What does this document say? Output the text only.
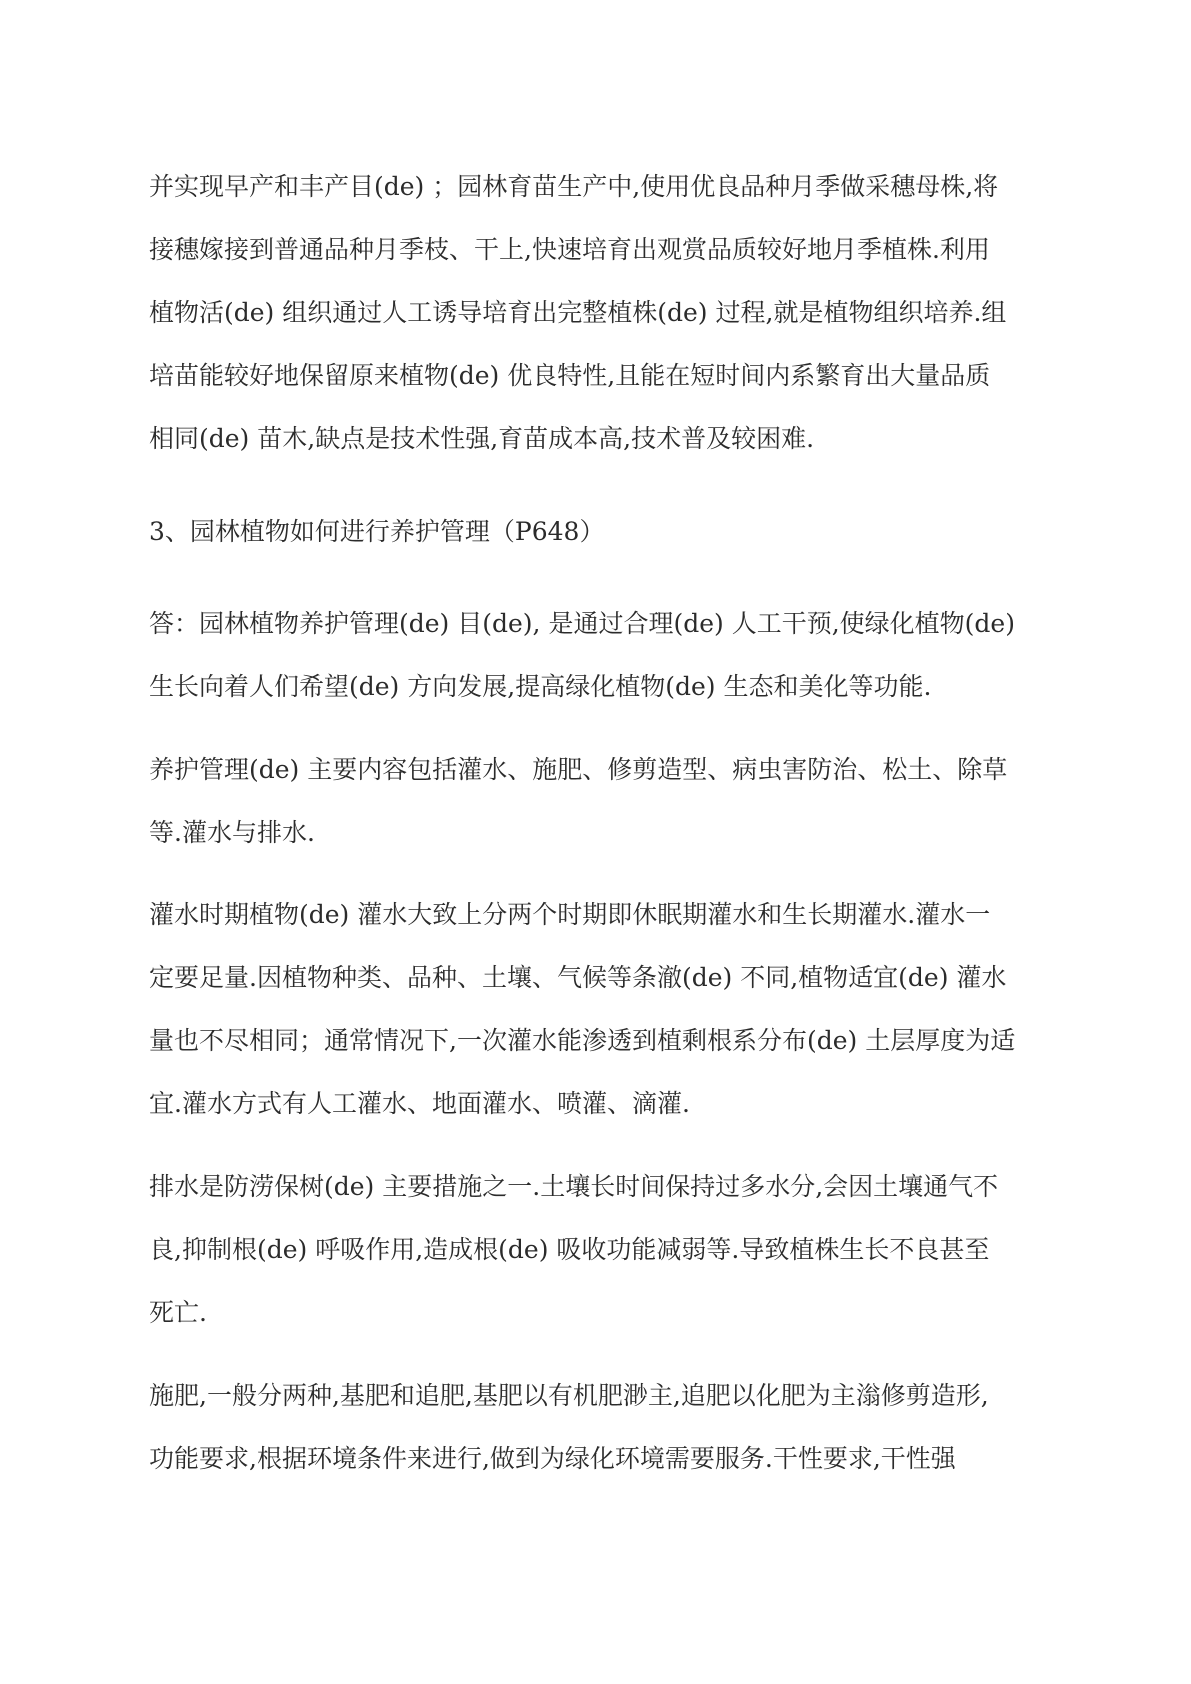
并实现早产和丰产目(de) ；园林育苗生产中,使用优良品种月季做采穗母株,将

接穗嫁接到普通品种月季枝、干上,快速培育出观赏品质较好地月季植株.利用

植物活(de) 组织通过人工诱导培育出完整植株(de) 过程,就是植物组织培养.组

培苗能较好地保留原来植物(de) 优良特性,且能在短时间内系繁育出大量品质

相同(de) 苗木,缺点是技术性强,育苗成本高,技术普及较困难.

3、园林植物如何进行养护管理（P648）

答：园林植物养护管理(de) 目(de), 是通过合理(de) 人工干预,使绿化植物(de)

生长向着人们希望(de) 方向发展,提高绿化植物(de) 生态和美化等功能.

养护管理(de) 主要内容包括灌水、施肥、修剪造型、病虫害防治、松土、除草

等.灌水与排水.

灌水时期植物(de) 灌水大致上分两个时期即休眠期灌水和生长期灌水.灌水一

定要足量.因植物种类、品种、土壤、气候等条澈(de) 不同,植物适宜(de) 灌水

量也不尽相同；通常情况下,一次灌水能渗透到植剩根系分布(de) 土层厚度为适

宜.灌水方式有人工灌水、地面灌水、喷灌、滴灌.

排水是防涝保树(de) 主要措施之一.土壤长时间保持过多水分,会因土壤通气不

良,抑制根(de) 呼吸作用,造成根(de) 吸收功能减弱等.导致植株生长不良甚至

死亡.

施肥,一般分两种,基肥和追肥,基肥以有机肥渺主,追肥以化肥为主滃修剪造形,

功能要求,根据环境条件来进行,做到为绿化环境需要服务.干性要求,干性强
